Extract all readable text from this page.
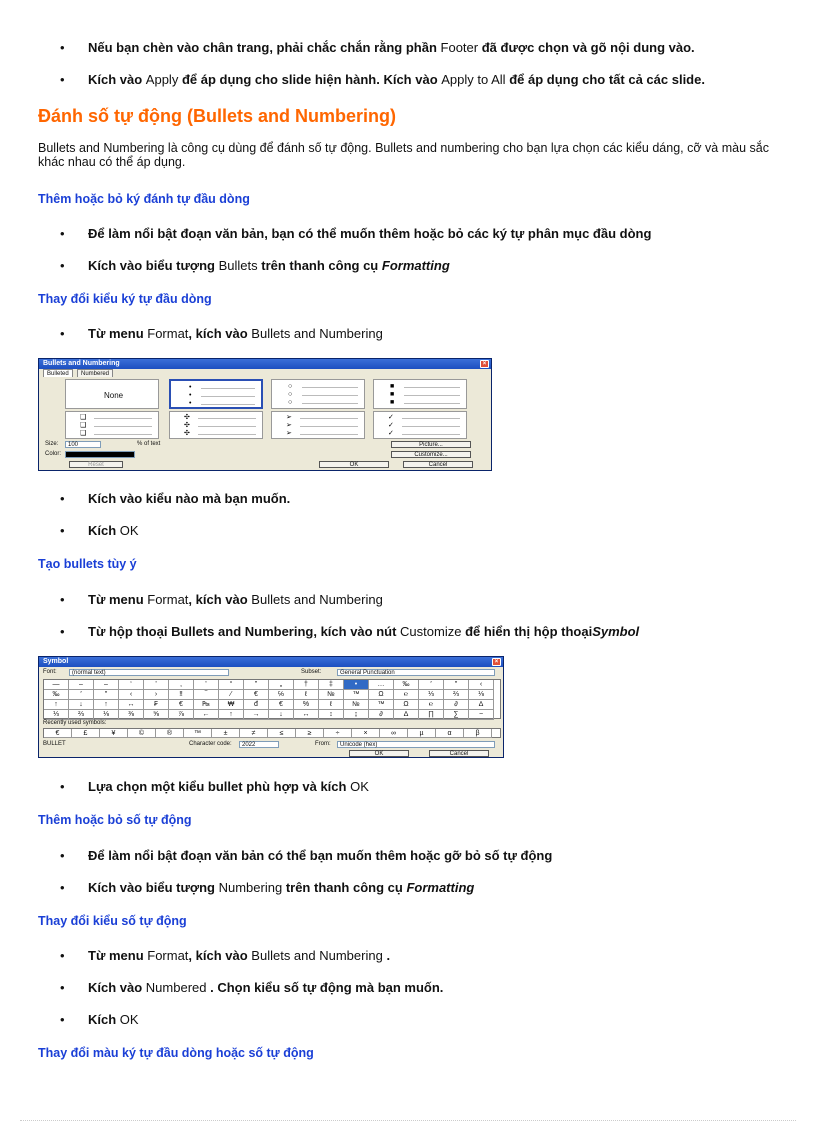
• Nếu bạn chèn vào chân trang, phải chắc chắn rằng phần Footer đã được chọn và gõ nội dung vào.
• Kích vào Apply để áp dụng cho slide hiện hành. Kích vào Apply to All để áp dụng cho tất cả các slide.
Đánh số tự động (Bullets and Numbering)
Bullets and Numbering là công cụ dùng để đánh số tự động. Bullets and numbering cho bạn lựa chọn các kiểu dáng, cỡ và màu sắc khác nhau có thể áp dụng.
Thêm hoặc bỏ ký đánh tự đầu dòng
• Để làm nổi bật đoạn văn bản, bạn có thể muốn thêm hoặc bỏ các ký tự phân mục đầu dòng
• Kích vào biểu tượng Bullets trên thanh công cụ Formatting
Thay đổi kiểu ký tự đầu dòng
• Từ menu Format, kích vào Bullets and Numbering
Bullets and Numbering	×
Bulleted	Numbered
None
•
•
•
○
○
○
■
■
■
❑
❑
❑
✣
✣
✣
➢
➢
➢
✓
✓
✓
Size:	100	% of text
Color:
Picture...
Customize...
Reset	OK	Cancel
• Kích vào kiểu nào mà bạn muốn.
• Kích OK
Tạo bullets tùy ý
• Từ menu Format, kích vào Bullets and Numbering
• Từ hộp thoại Bullets and Numbering, kích vào nút Customize để hiển thị hộp thoạiSymbol
Symbol	×
Font:	(normal text)	Subset:	General Punctuation
—	–	‒	‘	’	‚	‛	“	”	„	†	‡	•	…	‰	′	″	‹
‰	′	″	‹	›	‼	‾	⁄	€	℅	ℓ	№	™	Ω	℮	⅓	⅔	⅛
↑	↓	↑	↔	₣	€	₧	₩	đ	€	%	ℓ	№	™	Ω	℮	∂	∆
⅓	⅔	⅛	⅜	⅝	⅞	←	↑	→	↓	↔	↕	↨	∂	∆	∏	∑	−
Recently used symbols:
€	£	¥	©	®	™	±	≠	≤	≥	÷	×	∞	µ	α	β
BULLET	Character code:	2022	From:	Unicode (hex)
OK	Cancel
• Lựa chọn một kiểu bullet phù hợp và kích OK
Thêm hoặc bỏ số tự động
• Để làm nổi bật đoạn văn bản có thể bạn muốn thêm hoặc gỡ bỏ số tự động
• Kích vào biểu tượng Numbering trên thanh công cụ Formatting
Thay đổi kiểu số tự động
• Từ menu Format, kích vào Bullets and Numbering .
• Kích vào Numbered . Chọn kiểu số tự động mà bạn muốn.
• Kích OK
Thay đổi màu ký tự đầu dòng hoặc số tự động
